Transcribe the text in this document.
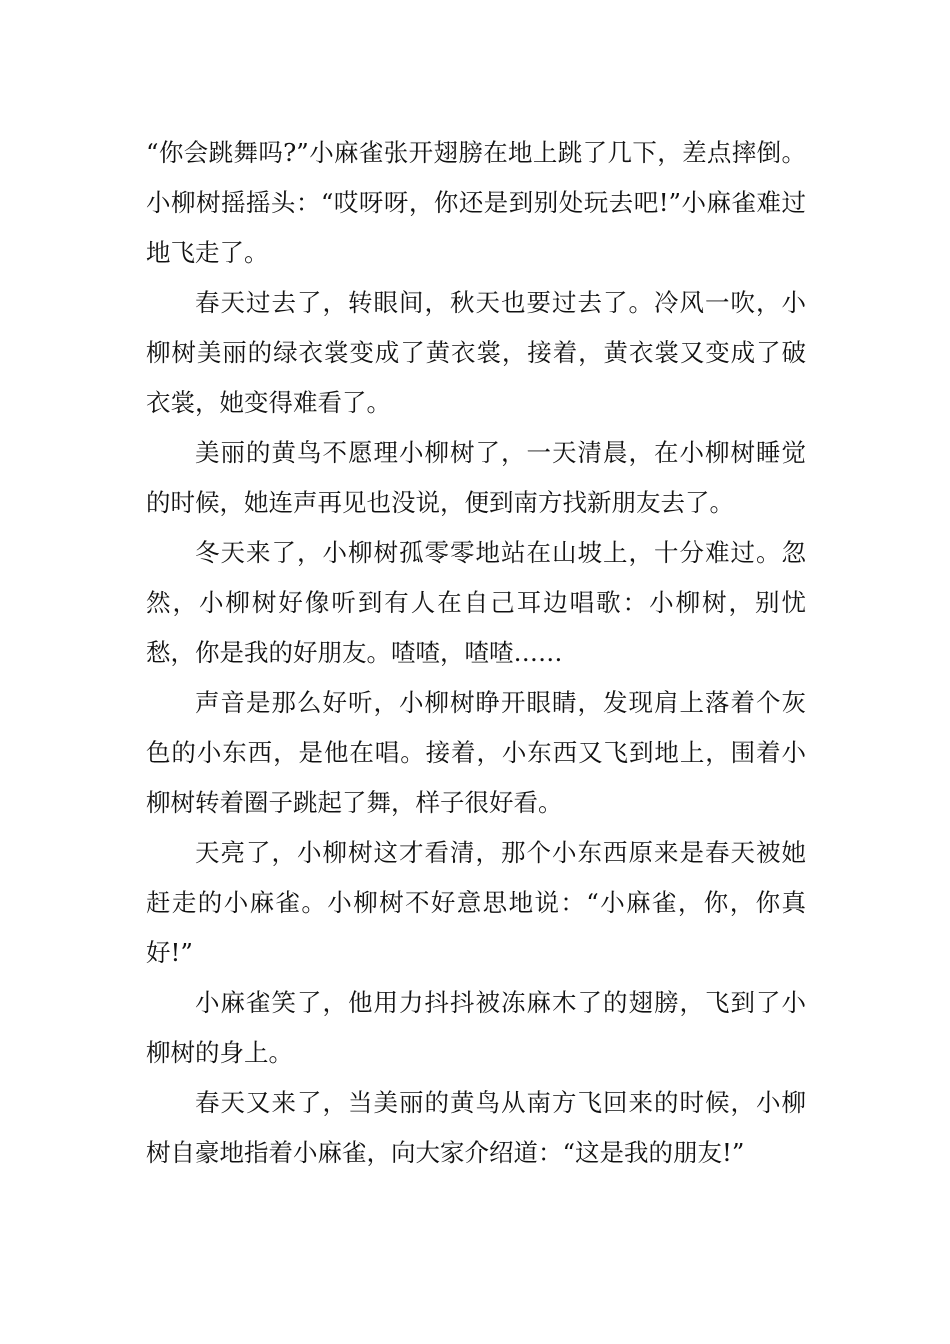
“你会跳舞吗?”小麻雀张开翅膀在地上跳了几下，差点摔倒。小柳树摇摇头：“哎呀呀，你还是到别处玩去吧!”小麻雀难过地飞走了。

春天过去了，转眼间，秋天也要过去了。冷风一吹，小柳树美丽的绿衣裳变成了黄衣裳，接着，黄衣裳又变成了破衣裳，她变得难看了。

美丽的黄鸟不愿理小柳树了，一天清晨，在小柳树睡觉的时候，她连声再见也没说，便到南方找新朋友去了。

冬天来了，小柳树孤零零地站在山坡上，十分难过。忽然，小柳树好像听到有人在自己耳边唱歌：小柳树，别忧愁，你是我的好朋友。喳喳，喳喳……

声音是那么好听，小柳树睁开眼睛，发现肩上落着个灰色的小东西，是他在唱。接着，小东西又飞到地上，围着小柳树转着圈子跳起了舞，样子很好看。

天亮了，小柳树这才看清，那个小东西原来是春天被她赶走的小麻雀。小柳树不好意思地说：“小麻雀，你，你真好!”

小麻雀笑了，他用力抖抖被冻麻木了的翅膀，飞到了小柳树的身上。

春天又来了，当美丽的黄鸟从南方飞回来的时候，小柳树自豪地指着小麻雀，向大家介绍道：“这是我的朋友!”
